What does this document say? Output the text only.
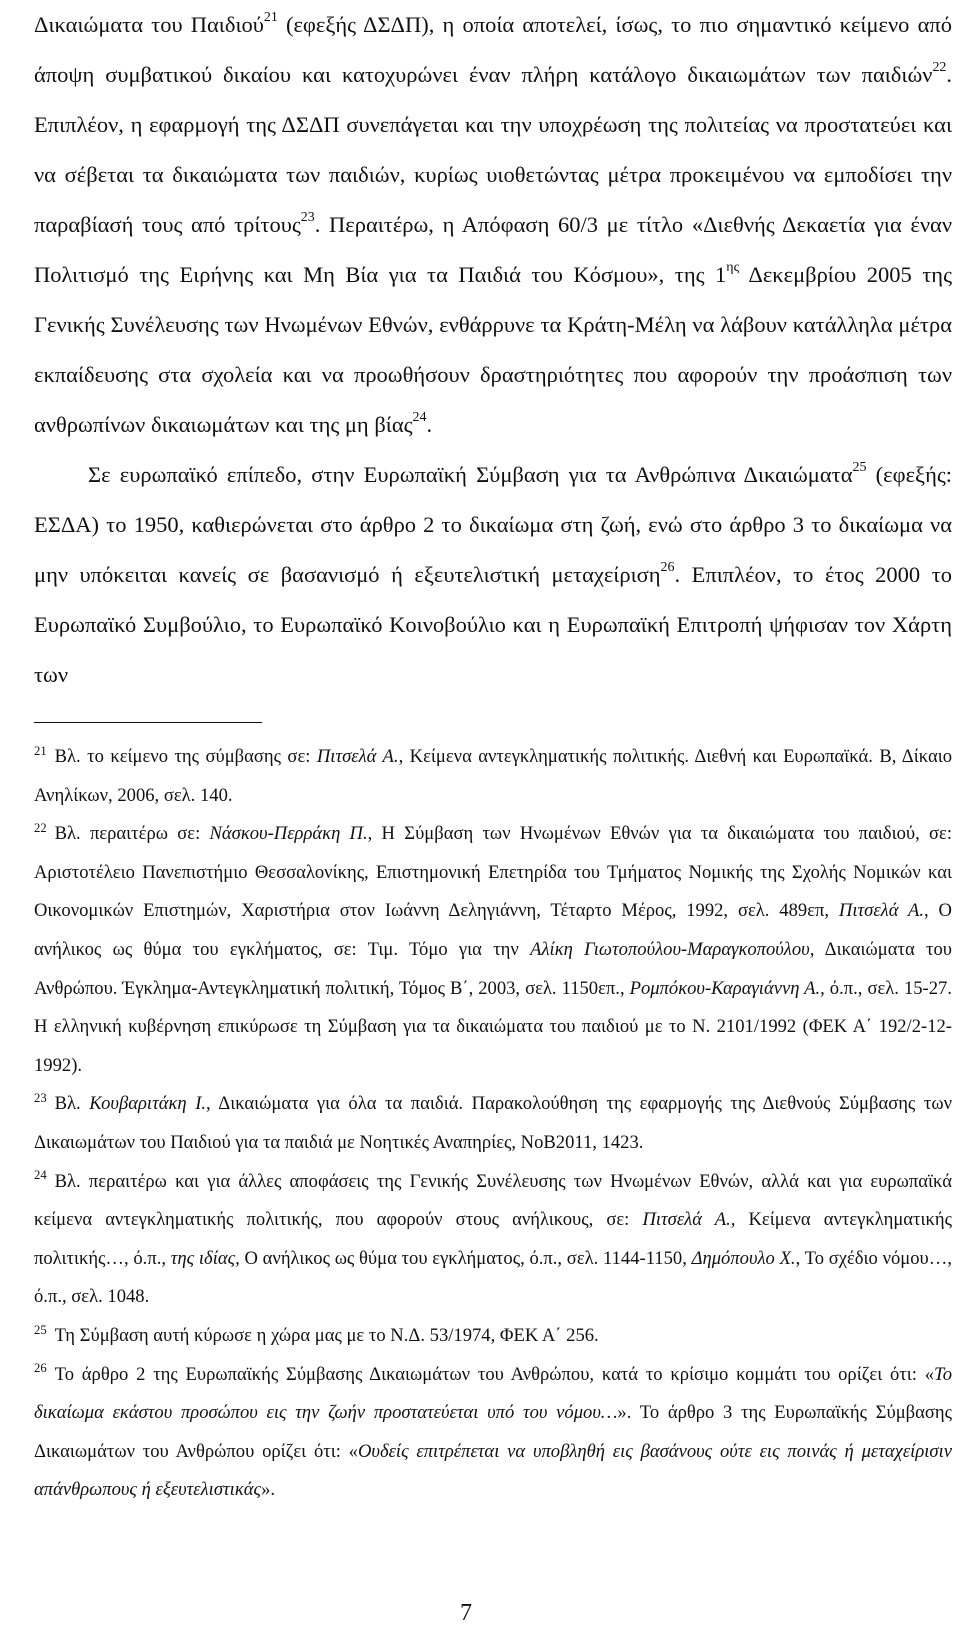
Δικαιώματα του Παιδιού$^{21}$ (εφεξής ΔΣΔΠ), η οποία αποτελεί, ίσως, το πιο σημαντικό κείμενο από άποψη συμβατικού δικαίου και κατοχυρώνει έναν πλήρη κατάλογο δικαιωμάτων των παιδιών$^{22}$. Επιπλέον, η εφαρμογή της ΔΣΔΠ συνεπάγεται και την υποχρέωση της πολιτείας να προστατεύει και να σέβεται τα δικαιώματα των παιδιών, κυρίως υιοθετώντας μέτρα προκειμένου να εμποδίσει την παραβίασή τους από τρίτους$^{23}$. Περαιτέρω, η Απόφαση 60/3 με τίτλο «Διεθνής Δεκαετία για έναν Πολιτισμό της Ειρήνης και Μη Βία για τα Παιδιά του Κόσμου», της $1^{\eta\varsigma}$ Δεκεμβρίου 2005 της Γενικής Συνέλευσης των Ηνωμένων Εθνών, ενθάρρυνε τα Κράτη-Μέλη να λάβουν κατάλληλα μέτρα εκπαίδευσης στα σχολεία και να προωθήσουν δραστηριότητες που αφορούν την προάσπιση των ανθρωπίνων δικαιωμάτων και της μη βίας$^{24}$.

Σε ευρωπαϊκό επίπεδο, στην Ευρωπαϊκή Σύμβαση για τα Ανθρώπινα Δικαιώματα$^{25}$ (εφεξής: ΕΣΔΑ) το 1950, καθιερώνεται στο άρθρο 2 το δικαίωμα στη ζωή, ενώ στο άρθρο 3 το δικαίωμα να μην υπόκειται κανείς σε βασανισμό ή εξευτελιστική μεταχείριση$^{26}$. Επιπλέον, το έτος 2000 το Ευρωπαϊκό Συμβούλιο, το Ευρωπαϊκό Κοινοβούλιο και η Ευρωπαϊκή Επιτροπή ψήφισαν τον Χάρτη των

$^{21}$ Βλ. το κείμενο της σύμβασης σε: Πιτσελά Α., Κείμενα αντεγκληματικής πολιτικής. Διεθνή και Ευρωπαϊκά. Β, Δίκαιο Ανηλίκων, 2006, σελ. 140.

$^{22}$ Βλ. περαιτέρω σε: Νάσκου-Περράκη Π., Η Σύμβαση των Ηνωμένων Εθνών για τα δικαιώματα του παιδιού, σε: Αριστοτέλειο Πανεπιστήμιο Θεσσαλονίκης, Επιστημονική Επετηρίδα του Τμήματος Νομικής της Σχολής Νομικών και Οικονομικών Επιστημών, Χαριστήρια στον Ιωάννη Δεληγιάννη, Τέταρτο Μέρος, 1992, σελ. 489επ, Πιτσελά Α., Ο ανήλικος ως θύμα του εγκλήματος, σε: Τιμ. Τόμο για την Αλίκη Γιωτοπούλου-Μαραγκοπούλου, Δικαιώματα του Ανθρώπου. Έγκλημα-Αντεγκληματική πολιτική, Τόμος Β΄, 2003, σελ. 1150επ., Ρομπόκου-Καραγιάννη Α., ό.π., σελ. 15-27. Η ελληνική κυβέρνηση επικύρωσε τη Σύμβαση για τα δικαιώματα του παιδιού με το Ν. 2101/1992 (ΦΕΚ Α΄ 192/2-12-1992).

$^{23}$ Βλ. Κουβαριτάκη Ι., Δικαιώματα για όλα τα παιδιά. Παρακολούθηση της εφαρμογής της Διεθνούς Σύμβασης των Δικαιωμάτων του Παιδιού για τα παιδιά με Νοητικές Αναπηρίες, ΝοΒ2011, 1423.

$^{24}$ Βλ. περαιτέρω και για άλλες αποφάσεις της Γενικής Συνέλευσης των Ηνωμένων Εθνών, αλλά και για ευρωπαϊκά κείμενα αντεγκληματικής πολιτικής, που αφορούν στους ανήλικους, σε: Πιτσελά Α., Κείμενα αντεγκληματικής πολιτικής…, ό.π., της ιδίας, Ο ανήλικος ως θύμα του εγκλήματος, ό.π., σελ. 1144-1150, Δημόπουλο Χ., Το σχέδιο νόμου…, ό.π., σελ. 1048.

$^{25}$ Τη Σύμβαση αυτή κύρωσε η χώρα μας με το Ν.Δ. 53/1974, ΦΕΚ Α΄ 256.

$^{26}$ Το άρθρο 2 της Ευρωπαϊκής Σύμβασης Δικαιωμάτων του Ανθρώπου, κατά το κρίσιμο κομμάτι του ορίζει ότι: «Το δικαίωμα εκάστου προσώπου εις την ζωήν προστατεύεται υπό του νόμου…». Το άρθρο 3 της Ευρωπαϊκής Σύμβασης Δικαιωμάτων του Ανθρώπου ορίζει ότι: «Ουδείς επιτρέπεται να υποβληθή εις βασάνους ούτε εις ποινάς ή μεταχείρισιν απάνθρωπους ή εξευτελιστικάς».

7
